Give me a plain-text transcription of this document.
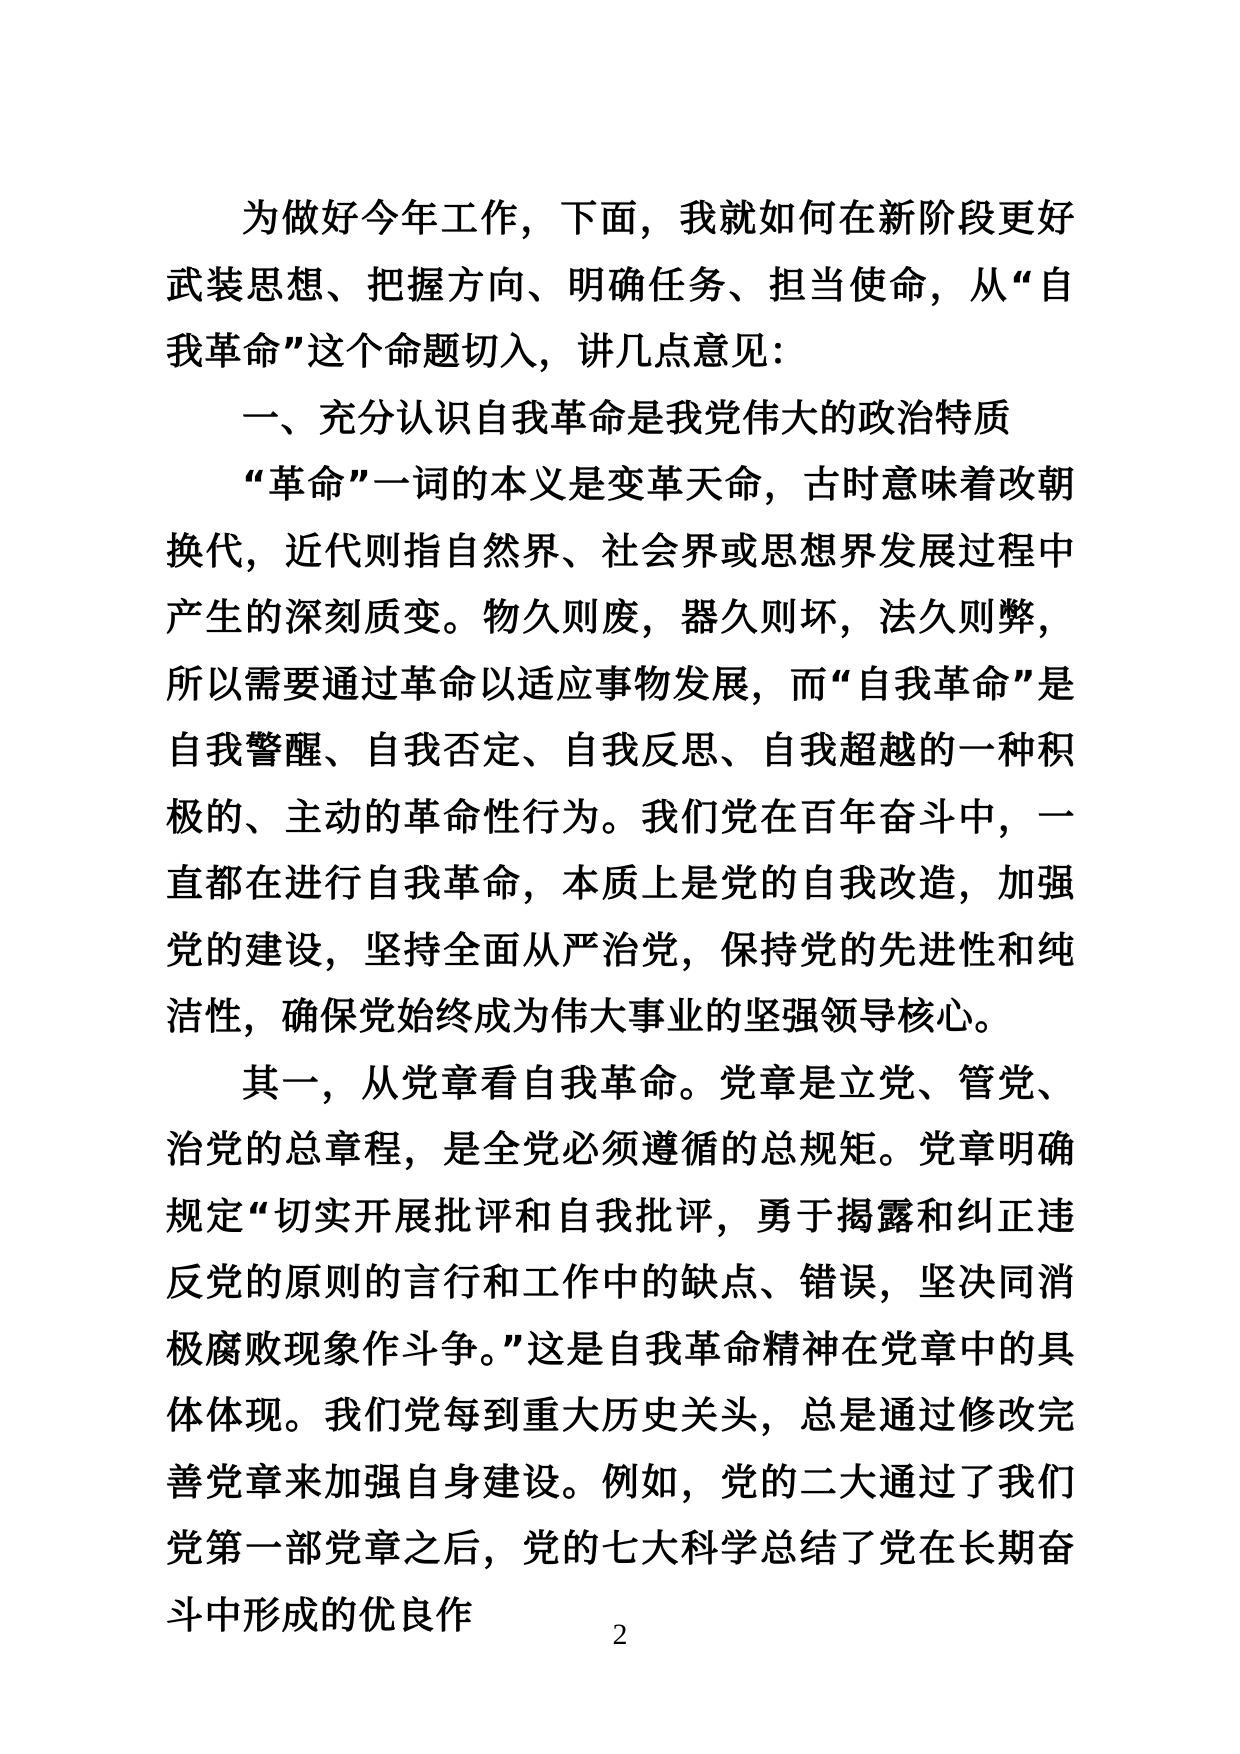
为做好今年工作，下面，我就如何在新阶段更好武装思想、把握方向、明确任务、担当使命，从“自我革命”这个命题切入，讲几点意见：

一、充分认识自我革命是我党伟大的政治特质

“革命”一词的本义是变革天命，古时意味着改朝换代，近代则指自然界、社会界或思想界发展过程中产生的深刻质变。物久则废，器久则坏，法久则弊，所以需要通过革命以适应事物发展，而“自我革命”是自我警醒、自我否定、自我反思、自我超越的一种积极的、主动的革命性行为。我们党在百年奋斗中，一直都在进行自我革命，本质上是党的自我改造，加强党的建设，坚持全面从严治党，保持党的先进性和纯洁性，确保党始终成为伟大事业的坚强领导核心。

其一，从党章看自我革命。党章是立党、管党、治党的总章程，是全党必须遵循的总规矩。党章明确规定“切实开展批评和自我批评，勇于揭露和纠正违反党的原则的言行和工作中的缺点、错误，坚决同消极腐败现象作斗争。”这是自我革命精神在党章中的具体体现。我们党每到重大历史关头，总是通过修改完善党章来加强自身建设。例如，党的二大通过了我们党第一部党章之后，党的七大科学总结了党在长期奋斗中形成的优良作	2
